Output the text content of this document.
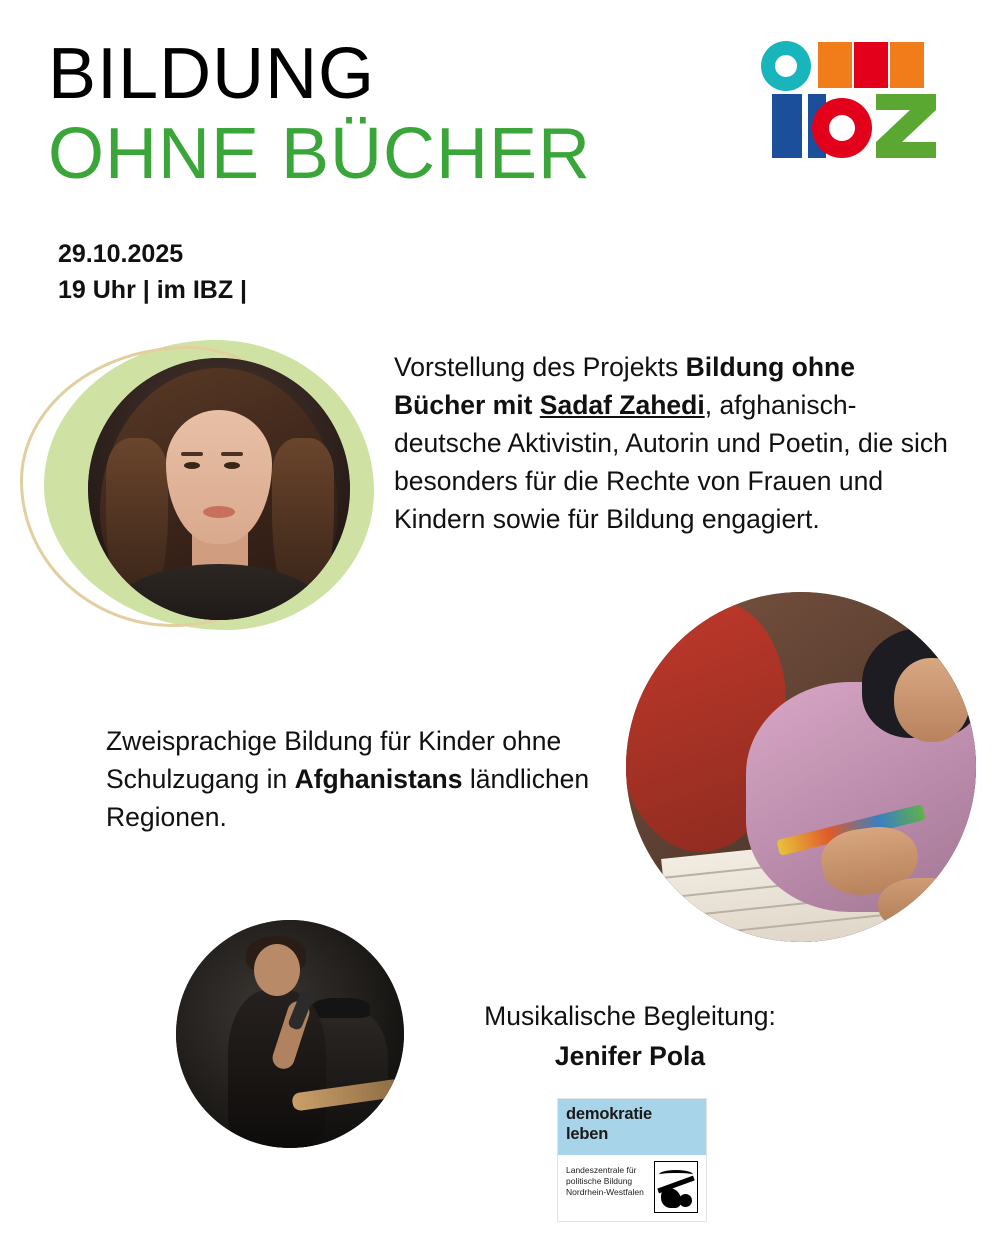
BILDUNG
OHNE BÜCHER
29.10.2025
19 Uhr | im IBZ |
Vorstellung des Projekts Bildung ohne Bücher mit Sadaf Zahedi, afghanisch-deutsche Aktivistin, Autorin und Poetin, die sich besonders für die Rechte von Frauen und Kindern sowie für Bildung engagiert.
Zweisprachige Bildung für Kinder ohne Schulzugang in Afghanistans ländlichen Regionen.
Musikalische Begleitung:
Jenifer Pola
demokratie
leben
Landeszentrale für politische Bildung Nordrhein-Westfalen
